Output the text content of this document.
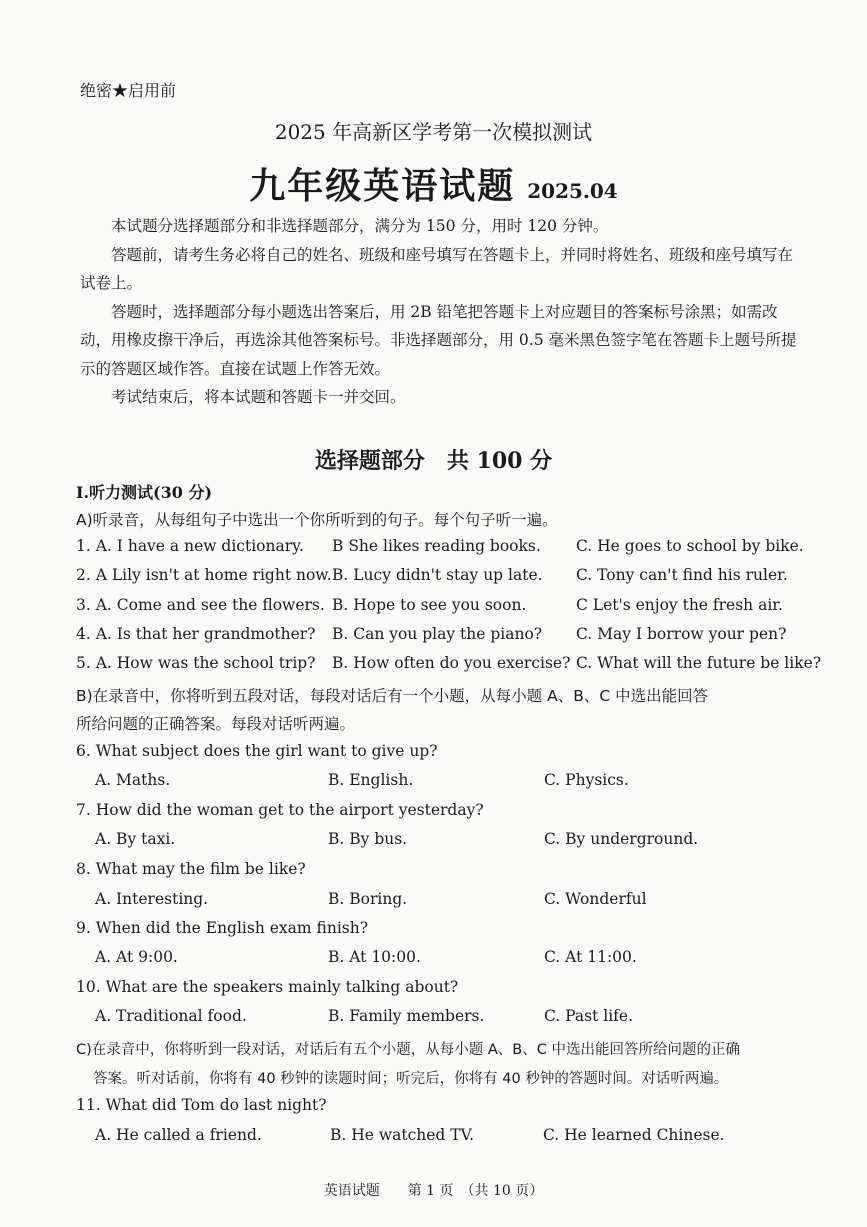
绝密★启用前
2025 年高新区学考第一次模拟测试
九年级英语试题 2025.04

本试题分选择题部分和非选择题部分，满分为 150 分，用时 120 分钟。

答题前，请考生务必将自己的姓名、班级和座号填写在答题卡上，并同时将姓名、班级和座号填写在试卷上。

答题时，选择题部分每小题选出答案后，用 2B 铅笔把答题卡上对应题目的答案标号涂黑；如需改动，用橡皮擦干净后，再选涂其他答案标号。非选择题部分，用 0.5 毫米黑色签字笔在答题卡上题号所提示的答题区域作答。直接在试题上作答无效。

考试结束后，将本试题和答题卡一并交回。

选择题部分　共 100 分
I.听力测试(30 分)
A)听录音，从每组句子中选出一个你所听到的句子。每个句子听一遍。
1. A. I have a new dictionary. B She likes reading books. C. He goes to school by bike.
2. A Lily isn't at home right now. B. Lucy didn't stay up late. C. Tony can't find his ruler.
3. A. Come and see the flowers. B. Hope to see you soon.	C Let's enjoy the fresh air.
4. A. Is that her grandmother? B. Can you play the piano? C. May I borrow your pen?
5. A. How was the school trip? B. How often do you exercise? C. What will the future be like?
B)在录音中，你将听到五段对话，每段对话后有一个小题，从每小题 A、B、C 中选出能回答
所给问题的正确答案。每段对话听两遍。
6. What subject does the girl want to give up?
A. Maths.	B. English.	C. Physics.
7. How did the woman get to the airport yesterday?
A. By taxi.	B. By bus.	C. By underground.
8. What may the film be like?
A. Interesting.	B. Boring.	C. Wonderful
9. When did the English exam finish?
A. At 9:00.	B. At 10:00.	C. At 11:00.
10. What are the speakers mainly talking about?
A. Traditional food.	B. Family members.	C. Past life.
C)在录音中，你将听到一段对话，对话后有五个小题，从每小题 A、B、C 中选出能回答所给问题的正确
答案。听对话前，你将有 40 秒钟的读题时间；听完后，你将有 40 秒钟的答题时间。对话听两遍。
11. What did Tom do last night?
A. He called a friend.	B. He watched TV.	C. He learned Chinese.
英语试题　　第 1 页　（共 10 页）
